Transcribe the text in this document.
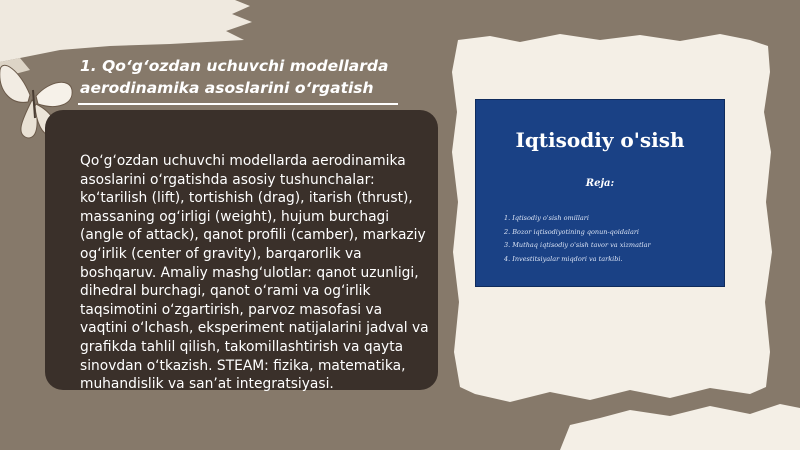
1. Qo‘g‘ozdan uchuvchi modellarda aerodinamika asoslarini o‘rgatish

Qo‘g‘ozdan uchuvchi modellarda aerodinamika asoslarini o‘rgatishda asosiy tushunchalar: ko‘tarilish (lift), tortishish (drag), itarish (thrust), massaning og‘irligi (weight), hujum burchagi (angle of attack), qanot profili (camber), markaziy og‘irlik (center of gravity), barqarorlik va boshqaruv. Amaliy mashg‘ulotlar: qanot uzunligi, dihedral burchagi, qanot o‘rami va og‘irlik taqsimotini o‘zgartirish, parvoz masofasi va vaqtini o‘lchash, eksperiment natijalarini jadval va grafikda tahlil qilish, takomillashtirish va qayta sinovdan o‘tkazish. STEAM: fizika, matematika, muhandislik va san’at integratsiyasi.

Iqtisodiy o'sish
Reja:
1. Iqtisodiy o'sish omillari
2. Bozor iqtisodiyotining qonun-qoidalari
3. Muthaq iqtisodiy o'sish tavor va xizmatlar
4. Investitsiyalar miqdori va tarkibi.
